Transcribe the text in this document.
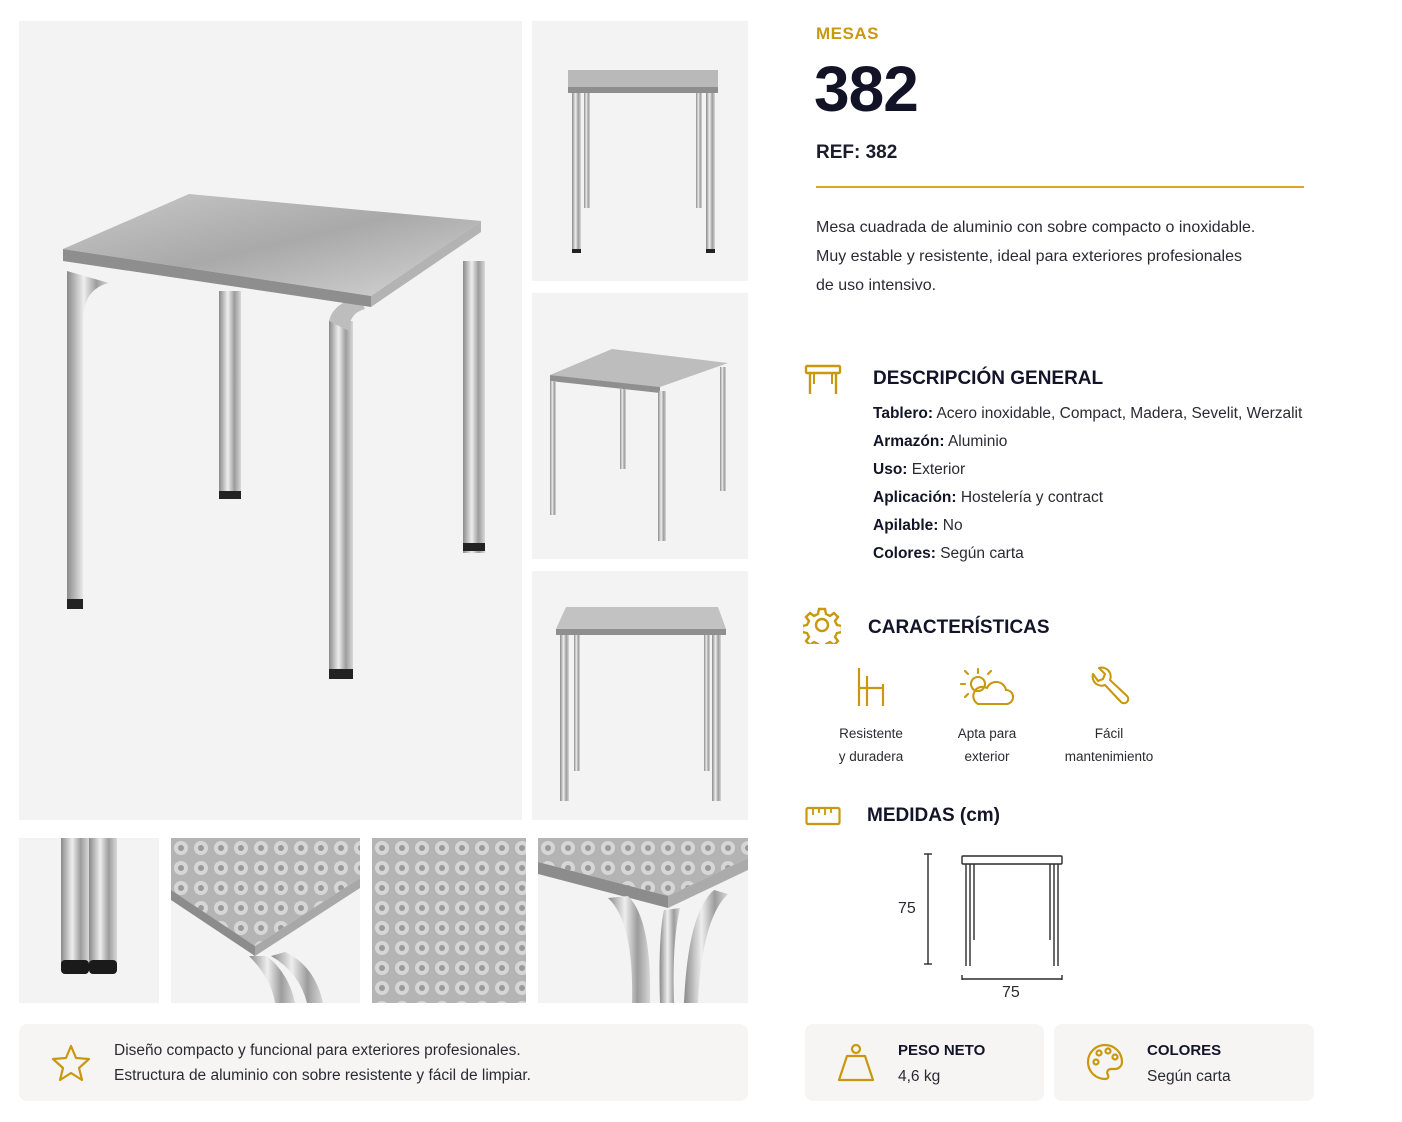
Diseño compacto y funcional para exteriores profesionales.
Estructura de aluminio con sobre resistente y fácil de limpiar.
MESAS
382
REF: 382
Mesa cuadrada de aluminio con sobre compacto o inoxidable.
Muy estable y resistente, ideal para exteriores profesionales
de uso intensivo.
DESCRIPCIÓN GENERAL
Tablero: Acero inoxidable, Compact, Madera, Sevelit, Werzalit
Armazón: Aluminio
Uso: Exterior
Aplicación: Hostelería y contract
Apilable: No
Colores: Según carta
CARACTERÍSTICAS
Resistente
y duradera
Apta para
exterior
Fácil
mantenimiento
MEDIDAS (cm)
75
75
PESO NETO
4,6 kg
COLORES
Según carta
